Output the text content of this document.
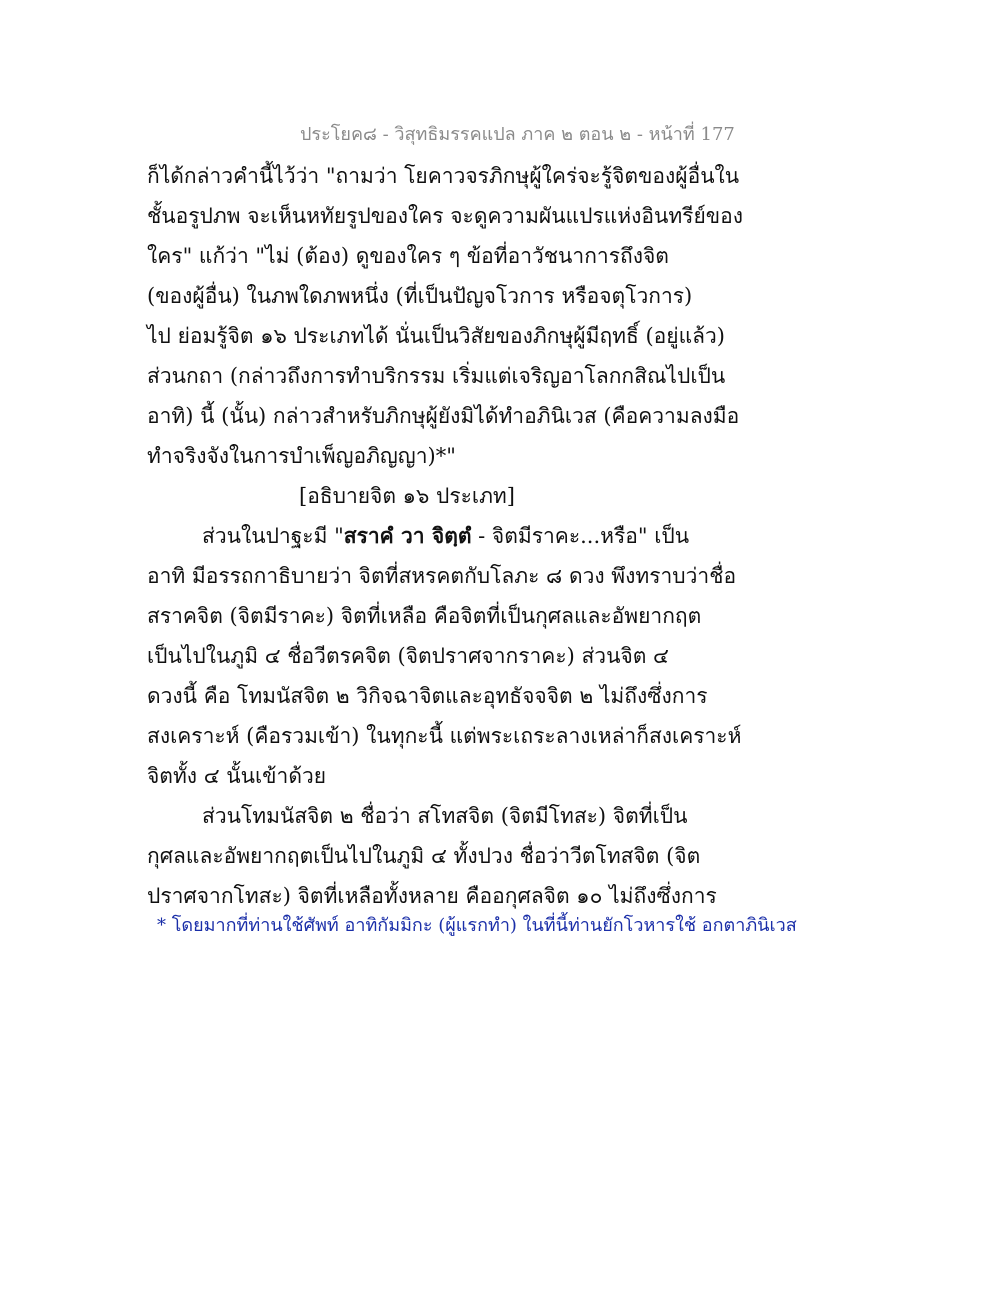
ประโยค๘ - วิสุทธิมรรคแปล ภาค ๒ ตอน ๒ - หน้าที่ 177
ก็ได้กล่าวคำนี้ไว้ว่า "ถามว่า โยคาวจรภิกษุผู้ใคร่จะรู้จิตของผู้อื่นใน
ชั้นอรูปภพ จะเห็นหทัยรูปของใคร จะดูความผันแปรแห่งอินทรีย์ของ
ใคร" แก้ว่า "ไม่ (ต้อง) ดูของใคร ๆ ข้อที่อาวัชนาการถึงจิต
(ของผู้อื่น) ในภพใดภพหนึ่ง (ที่เป็นปัญจโวการ หรือจตุโวการ)
ไป ย่อมรู้จิต ๑๖ ประเภทได้ นั่นเป็นวิสัยของภิกษุผู้มีฤทธิ์ (อยู่แล้ว)
ส่วนกถา (กล่าวถึงการทำบริกรรม เริ่มแต่เจริญอาโลกกสิณไปเป็น
อาทิ) นี้ (นั้น) กล่าวสำหรับภิกษุผู้ยังมิได้ทำอภินิเวส (คือความลงมือ
ทำจริงจังในการบำเพ็ญอภิญญา)*"
[อธิบายจิต ๑๖ ประเภท]
ส่วนในปาฐะมี "สราคํ วา จิตฺตํ - จิตมีราคะ...หรือ" เป็น
อาทิ มีอรรถกาธิบายว่า จิตที่สหรคตกับโลภะ ๘ ดวง พึงทราบว่าชื่อ
สราคจิต (จิตมีราคะ) จิตที่เหลือ คือจิตที่เป็นกุศลและอัพยากฤต
เป็นไปในภูมิ ๔ ชื่อวีตรคจิต (จิตปราศจากราคะ) ส่วนจิต ๔
ดวงนี้ คือ โทมนัสจิต ๒ วิกิจฉาจิตและอุทธัจจจิต ๒ ไม่ถึงซึ่งการ
สงเคราะห์ (คือรวมเข้า) ในทุกะนี้ แต่พระเถระลางเหล่าก็สงเคราะห์
จิตทั้ง ๔ นั้นเข้าด้วย
ส่วนโทมนัสจิต ๒ ชื่อว่า สโทสจิต (จิตมีโทสะ) จิตที่เป็น
กุศลและอัพยากฤตเป็นไปในภูมิ ๔ ทั้งปวง ชื่อว่าวีตโทสจิต (จิต
ปราศจากโทสะ) จิตที่เหลือทั้งหลาย คืออกุศลจิต ๑๐ ไม่ถึงซึ่งการ
* โดยมากที่ท่านใช้ศัพท์ อาทิกัมมิกะ (ผู้แรกทำ) ในที่นี้ท่านยักโวหารใช้ อกตาภินิเวส
